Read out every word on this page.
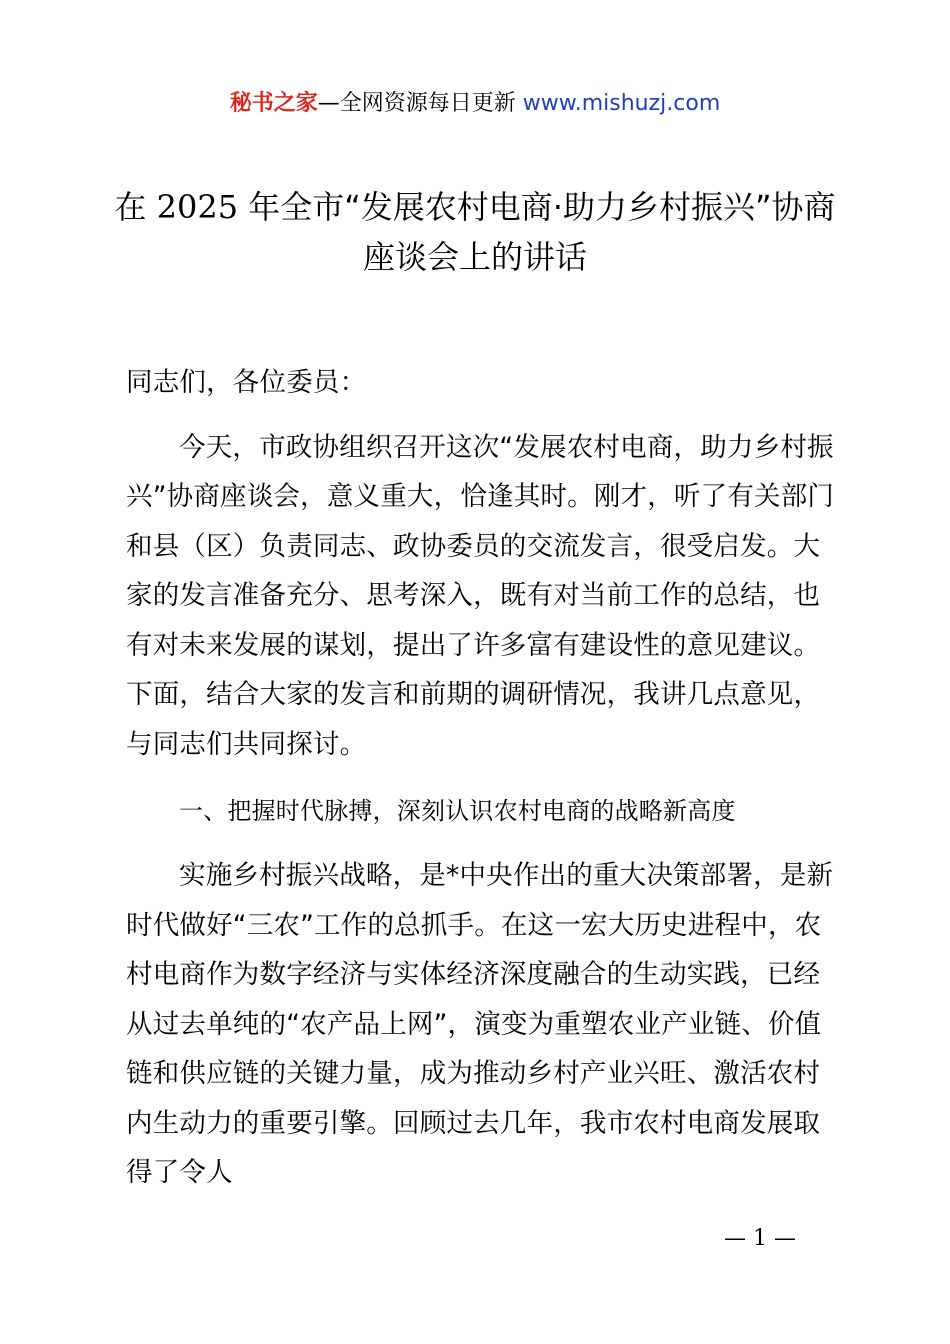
秘书之家—全网资源每日更新 www.mishuzj.com
在 2025 年全市“发展农村电商·助力乡村振兴”协商座谈会上的讲话

同志们，各位委员：

今天，市政协组织召开这次“发展农村电商，助力乡村振兴”协商座谈会，意义重大，恰逢其时。刚才，听了有关部门和县（区）负责同志、政协委员的交流发言，很受启发。大家的发言准备充分、思考深入，既有对当前工作的总结，也有对未来发展的谋划，提出了许多富有建设性的意见建议。下面，结合大家的发言和前期的调研情况，我讲几点意见，与同志们共同探讨。

一、把握时代脉搏，深刻认识农村电商的战略新高度

实施乡村振兴战略，是*中央作出的重大决策部署，是新时代做好“三农”工作的总抓手。在这一宏大历史进程中，农村电商作为数字经济与实体经济深度融合的生动实践，已经从过去单纯的“农产品上网”，演变为重塑农业产业链、价值链和供应链的关键力量，成为推动乡村产业兴旺、激活农村内生动力的重要引擎。回顾过去几年，我市农村电商发展取得了令人

— 1 —
